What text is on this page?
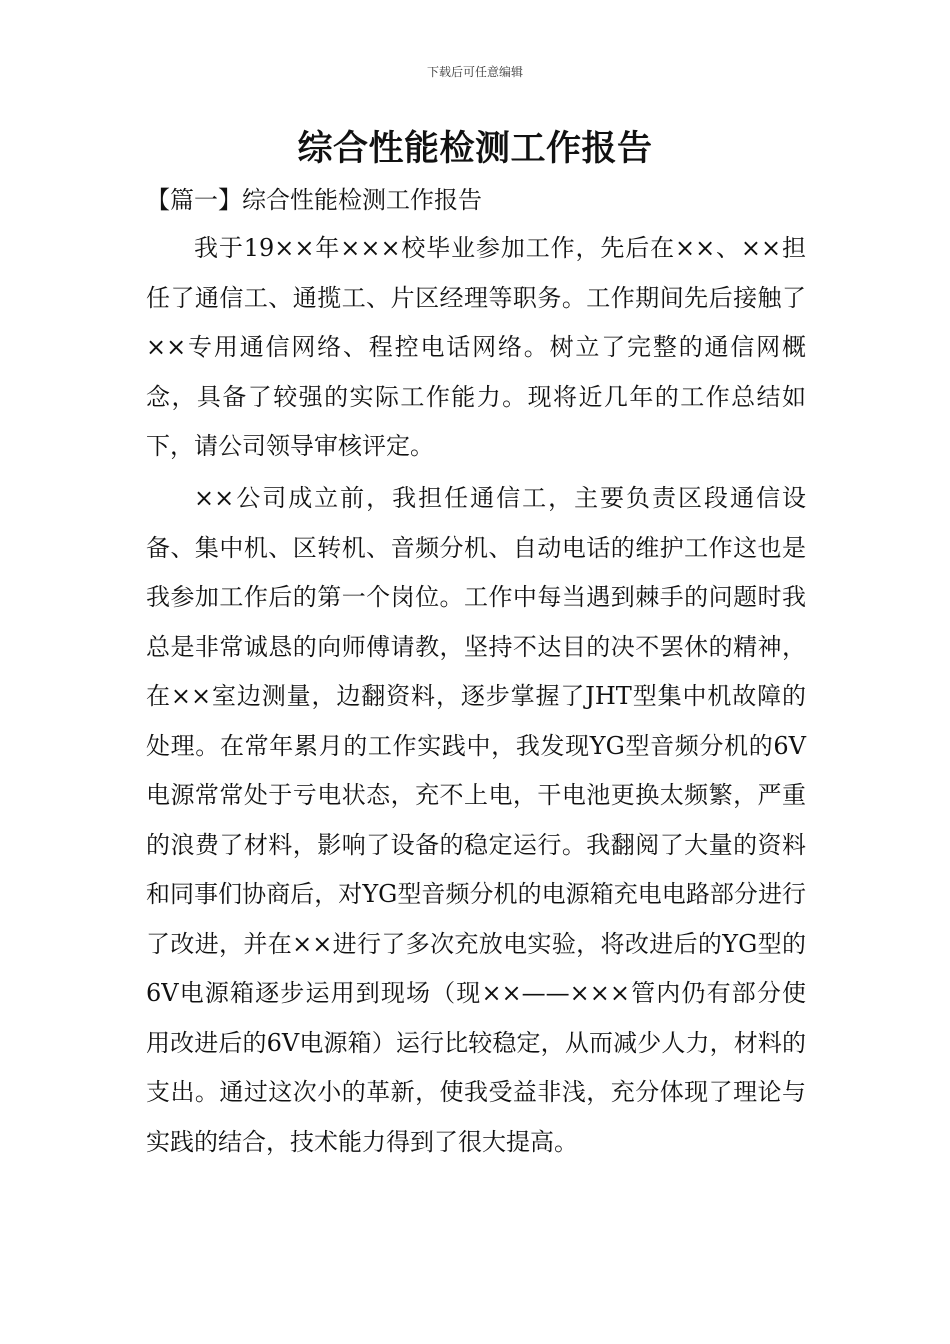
下载后可任意编辑
综合性能检测工作报告
【篇一】综合性能检测工作报告

我于19××年×××校毕业参加工作，先后在××、××担任了通信工、通揽工、片区经理等职务。工作期间先后接触了××专用通信网络、程控电话网络。树立了完整的通信网概念，具备了较强的实际工作能力。现将近几年的工作总结如下，请公司领导审核评定。

××公司成立前，我担任通信工，主要负责区段通信设备、集中机、区转机、音频分机、自动电话的维护工作这也是我参加工作后的第一个岗位。工作中每当遇到棘手的问题时我总是非常诚恳的向师傅请教，坚持不达目的决不罢休的精神，在××室边测量，边翻资料，逐步掌握了JHT型集中机故障的处理。在常年累月的工作实践中，我发现YG型音频分机的6V电源常常处于亏电状态，充不上电，干电池更换太频繁，严重的浪费了材料，影响了设备的稳定运行。我翻阅了大量的资料和同事们协商后，对YG型音频分机的电源箱充电电路部分进行了改进，并在××进行了多次充放电实验，将改进后的YG型的6V电源箱逐步运用到现场（现××——×××管内仍有部分使用改进后的6V电源箱）运行比较稳定，从而减少人力，材料的支出。通过这次小的革新，使我受益非浅，充分体现了理论与实践的结合，技术能力得到了很大提高。
